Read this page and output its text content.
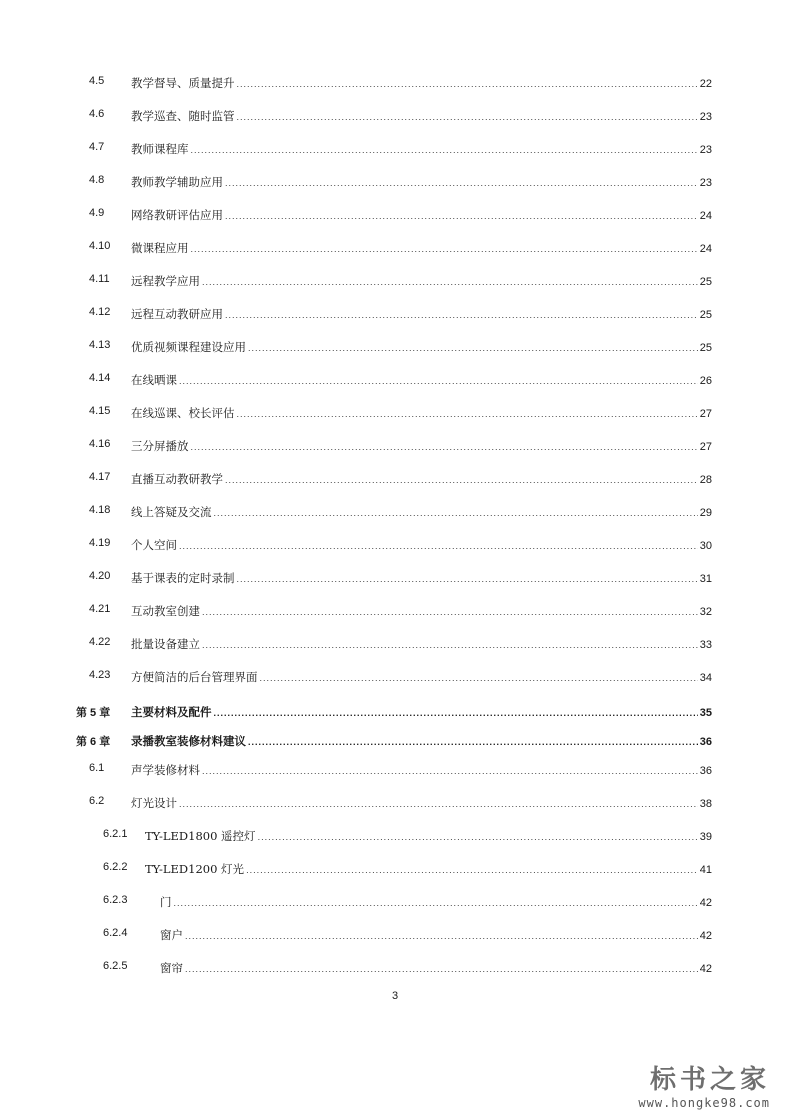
4.5 教学督导、质量提升 .....	22
4.6 教学巡查、随时监管 .....	23
4.7 教师课程库 .....	23
4.8 教师教学辅助应用 .....	23
4.9 网络教研评估应用 .....	24
4.10 微课程应用 .....	24
4.11 远程教学应用 .....	25
4.12 远程互动教研应用 .....	25
4.13 优质视频课程建设应用 .....	25
4.14 在线晒课 .....	26
4.15 在线巡课、校长评估 .....	27
4.16 三分屏播放 .....	27
4.17 直播互动教研教学 .....	28
4.18 线上答疑及交流 .....	29
4.19 个人空间 .....	30
4.20 基于课表的定时录制 .....	31
4.21 互动教室创建 .....	32
4.22 批量设备建立 .....	33
4.23 方便简洁的后台管理界面 .....	34
第 5 章 主要材料及配件 .....	35
第 6 章 录播教室装修材料建议 .....	36
6.1 声学装修材料 .....	36
6.2 灯光设计 .....	38
6.2.1 TY-LED1800 遥控灯 .....	39
6.2.2 TY-LED1200 灯光 .....	41
6.2.3	门 .....	42
6.2.4	窗户 .....	42
6.2.5	窗帘 .....	42
3
标书之家
www.hongke98.com
